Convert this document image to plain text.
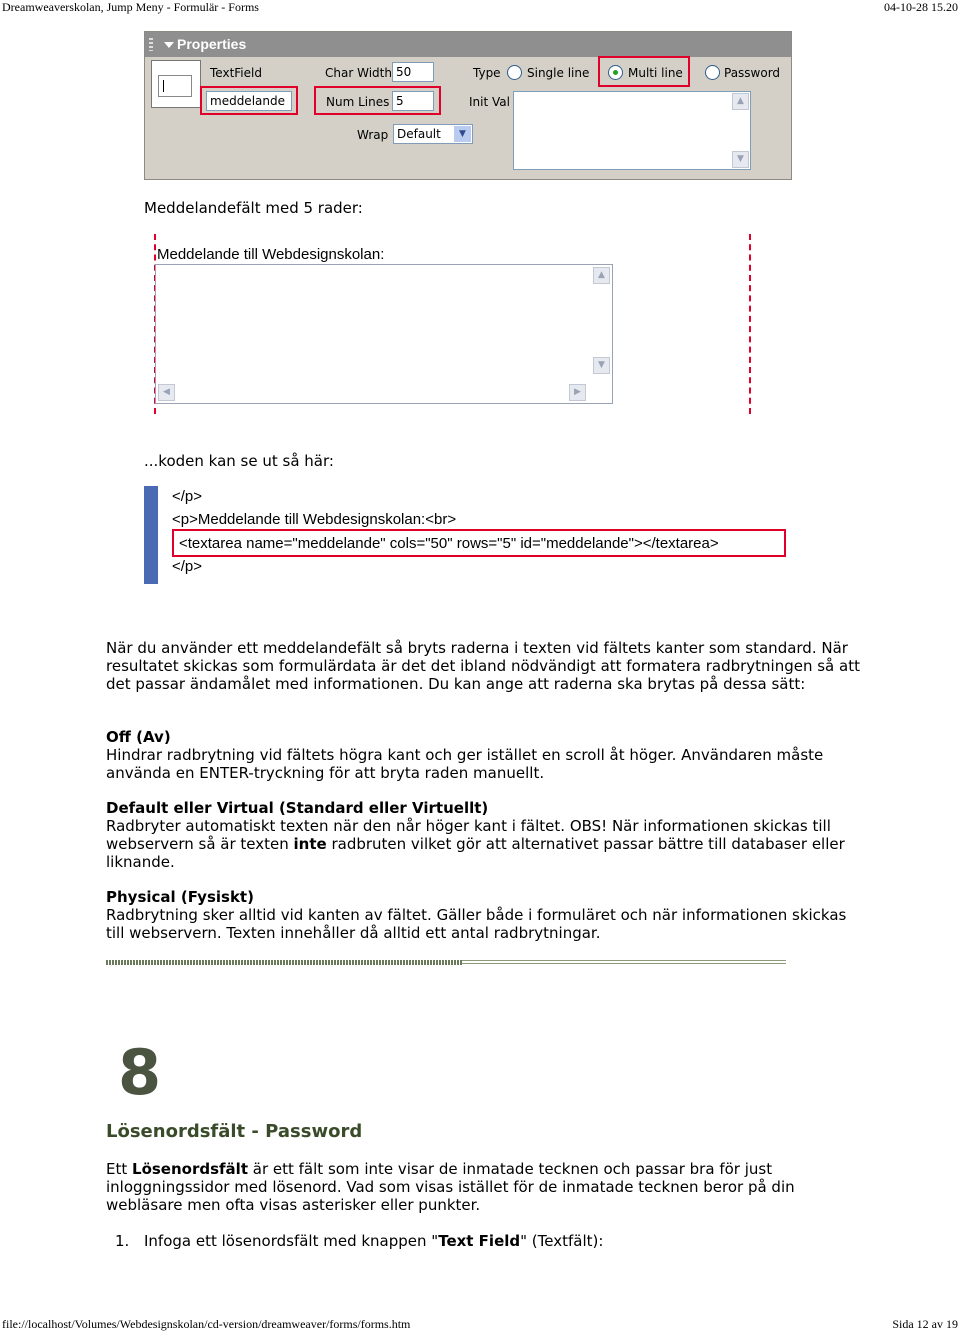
Dreamweaverskolan, Jump Meny - Formulär - Forms	04-10-28 15.20
Properties
TextField
meddelande
Char Width 50
Num Lines 5
Type Single line	Multi line	Password
Init Val	▲
▼
Wrap Default	▼
Meddelandefält med 5 rader:
Meddelande till Webdesignskolan:
▲
▼
◀	▶
...koden kan se ut så här:
</p>
<p>Meddelande till Webdesignskolan:<br>
<textarea name="meddelande" cols="50" rows="5" id="meddelande"></textarea>
</p>

När du använder ett meddelandefält så bryts raderna i texten vid fältets kanter som standard. När resultatet skickas som formulärdata är det det ibland nödvändigt att formatera radbrytningen så att det passar ändamålet med informationen. Du kan ange att raderna ska brytas på dessa sätt:

Off (Av)
Hindrar radbrytning vid fältets högra kant och ger istället en scroll åt höger. Användaren måste använda en ENTER-tryckning för att bryta raden manuellt.
Default eller Virtual (Standard eller Virtuellt)
Radbryter automatiskt texten när den når höger kant i fältet. OBS! När informationen skickas till webservern så är texten inte radbruten vilket gör att alternativet passar bättre till databaser eller liknande.
Physical (Fysiskt)
Radbrytning sker alltid vid kanten av fältet. Gäller både i formuläret och när informationen skickas till webservern. Texten innehåller då alltid ett antal radbrytningar.
8
Lösenordsfält - Password

Ett Lösenordsfält är ett fält som inte visar de inmatade tecknen och passar bra för just inloggningssidor med lösenord. Vad som visas istället för de inmatade tecknen beror på din webläsare men ofta visas asterisker eller punkter.

1. Infoga ett lösenordsfält med knappen "Text Field" (Textfält):
file://localhost/Volumes/Webdesignskolan/cd-version/dreamweaver/forms/forms.htm	Sida 12 av 19
